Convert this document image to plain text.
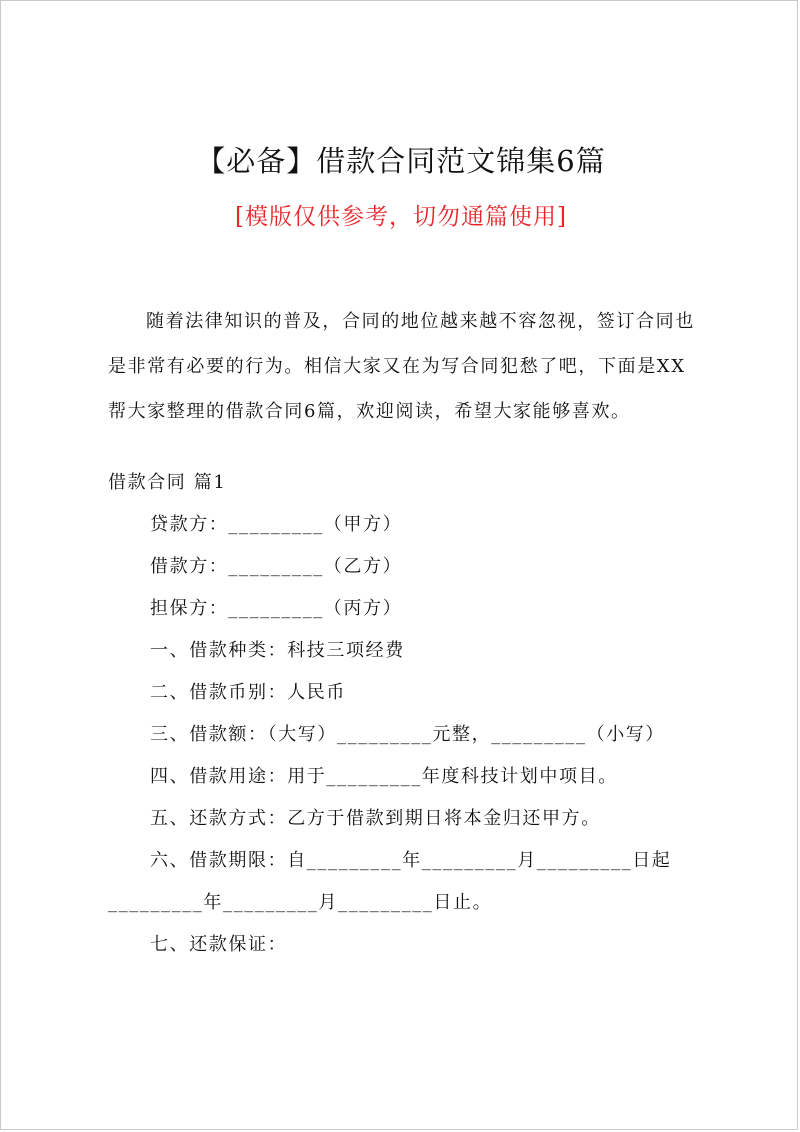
【必备】借款合同范文锦集6篇
[模版仅供参考，切勿通篇使用]
随着法律知识的普及，合同的地位越来越不容忽视，签订合同也是非常有必要的行为。相信大家又在为写合同犯愁了吧，下面是XX帮大家整理的借款合同6篇，欢迎阅读，希望大家能够喜欢。
借款合同 篇1
贷款方：_________（甲方）
借款方：_________（乙方）
担保方：_________（丙方）
一、借款种类：科技三项经费
二、借款币别：人民币
三、借款额：（大写）_________元整，_________（小写）
四、借款用途：用于_________年度科技计划中项目。
五、还款方式：乙方于借款到期日将本金归还甲方。
六、借款期限：自_________年_________月_________日起
_________年_________月_________日止。
七、还款保证：
